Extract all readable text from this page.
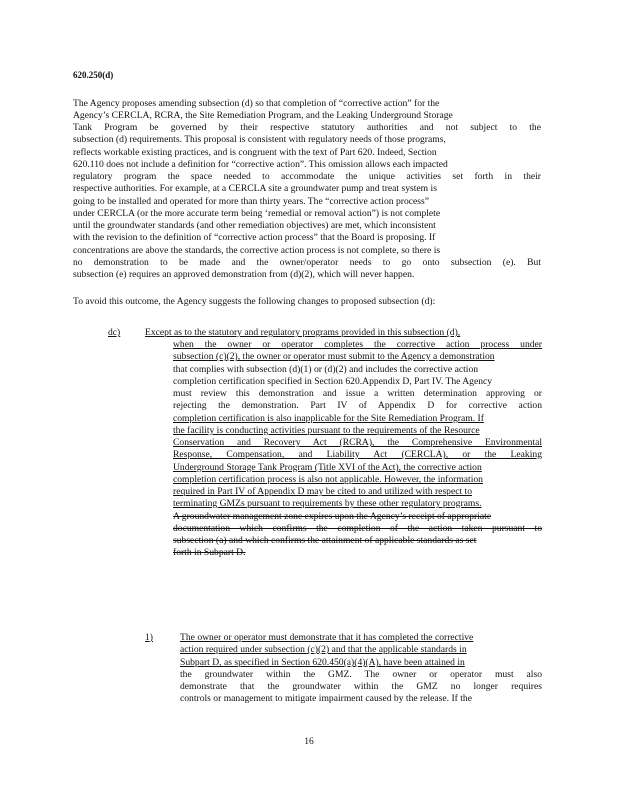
620.250(d)
The Agency proposes amending subsection (d) so that completion of “corrective action” for the
Agency’s CERCLA, RCRA, the Site Remediation Program, and the Leaking Underground Storage
Tank Program be governed by their respective statutory authorities and not subject to the
subsection (d) requirements. This proposal is consistent with regulatory needs of those programs,
reflects workable existing practices, and is congruent with the text of Part 620. Indeed, Section
620.110 does not include a definition for “corrective action”. This omission allows each impacted
regulatory program the space needed to accommodate the unique activities set forth in their
respective authorities. For example, at a CERCLA site a groundwater pump and treat system is
going to be installed and operated for more than thirty years. The “corrective action process”
under CERCLA (or the more accurate term being ‘remedial or removal action”) is not complete
until the groundwater standards (and other remediation objectives) are met, which inconsistent
with the revision to the definition of “corrective action process” that the Board is proposing. If
concentrations are above the standards, the corrective action process is not complete, so there is
no demonstration to be made and the owner/operator needs to go onto subsection (e). But
subsection (e) requires an approved demonstration from (d)(2), which will never happen.
To avoid this outcome, the Agency suggests the following changes to proposed subsection (d):
dc)	Except as to the statutory and regulatory programs provided in this subsection (d),
when the owner or operator completes the corrective action process under
subsection (c)(2), the owner or operator must submit to the Agency a demonstration
that complies with subsection (d)(1) or (d)(2) and includes the corrective action
completion certification specified in Section 620.Appendix D, Part IV. The Agency
must review this demonstration and issue a written determination approving or
rejecting the demonstration. Part IV of Appendix D for corrective action
completion certification is also inapplicable for the Site Remediation Program. If
the facility is conducting activities pursuant to the requirements of the Resource
Conservation and Recovery Act (RCRA), the Comprehensive Environmental
Response, Compensation, and Liability Act (CERCLA), or the Leaking
Underground Storage Tank Program (Title XVI of the Act), the corrective action
completion certification process is also not applicable. However, the information
required in Part IV of Appendix D may be cited to and utilized with respect to
terminating GMZs pursuant to requirements by these other regulatory programs.
A groundwater management zone expires upon the Agency’s receipt of appropriate
documentation which confirms the completion of the action taken pursuant to
subsection (a) and which confirms the attainment of applicable standards as set
forth in Subpart D.
1)	The owner or operator must demonstrate that it has completed the corrective
action required under subsection (c)(2) and that the applicable standards in
Subpart D, as specified in Section 620.450(a)(4)(A), have been attained in
the groundwater within the GMZ. The owner or operator must also
demonstrate that the groundwater within the GMZ no longer requires
controls or management to mitigate impairment caused by the release. If the
16
